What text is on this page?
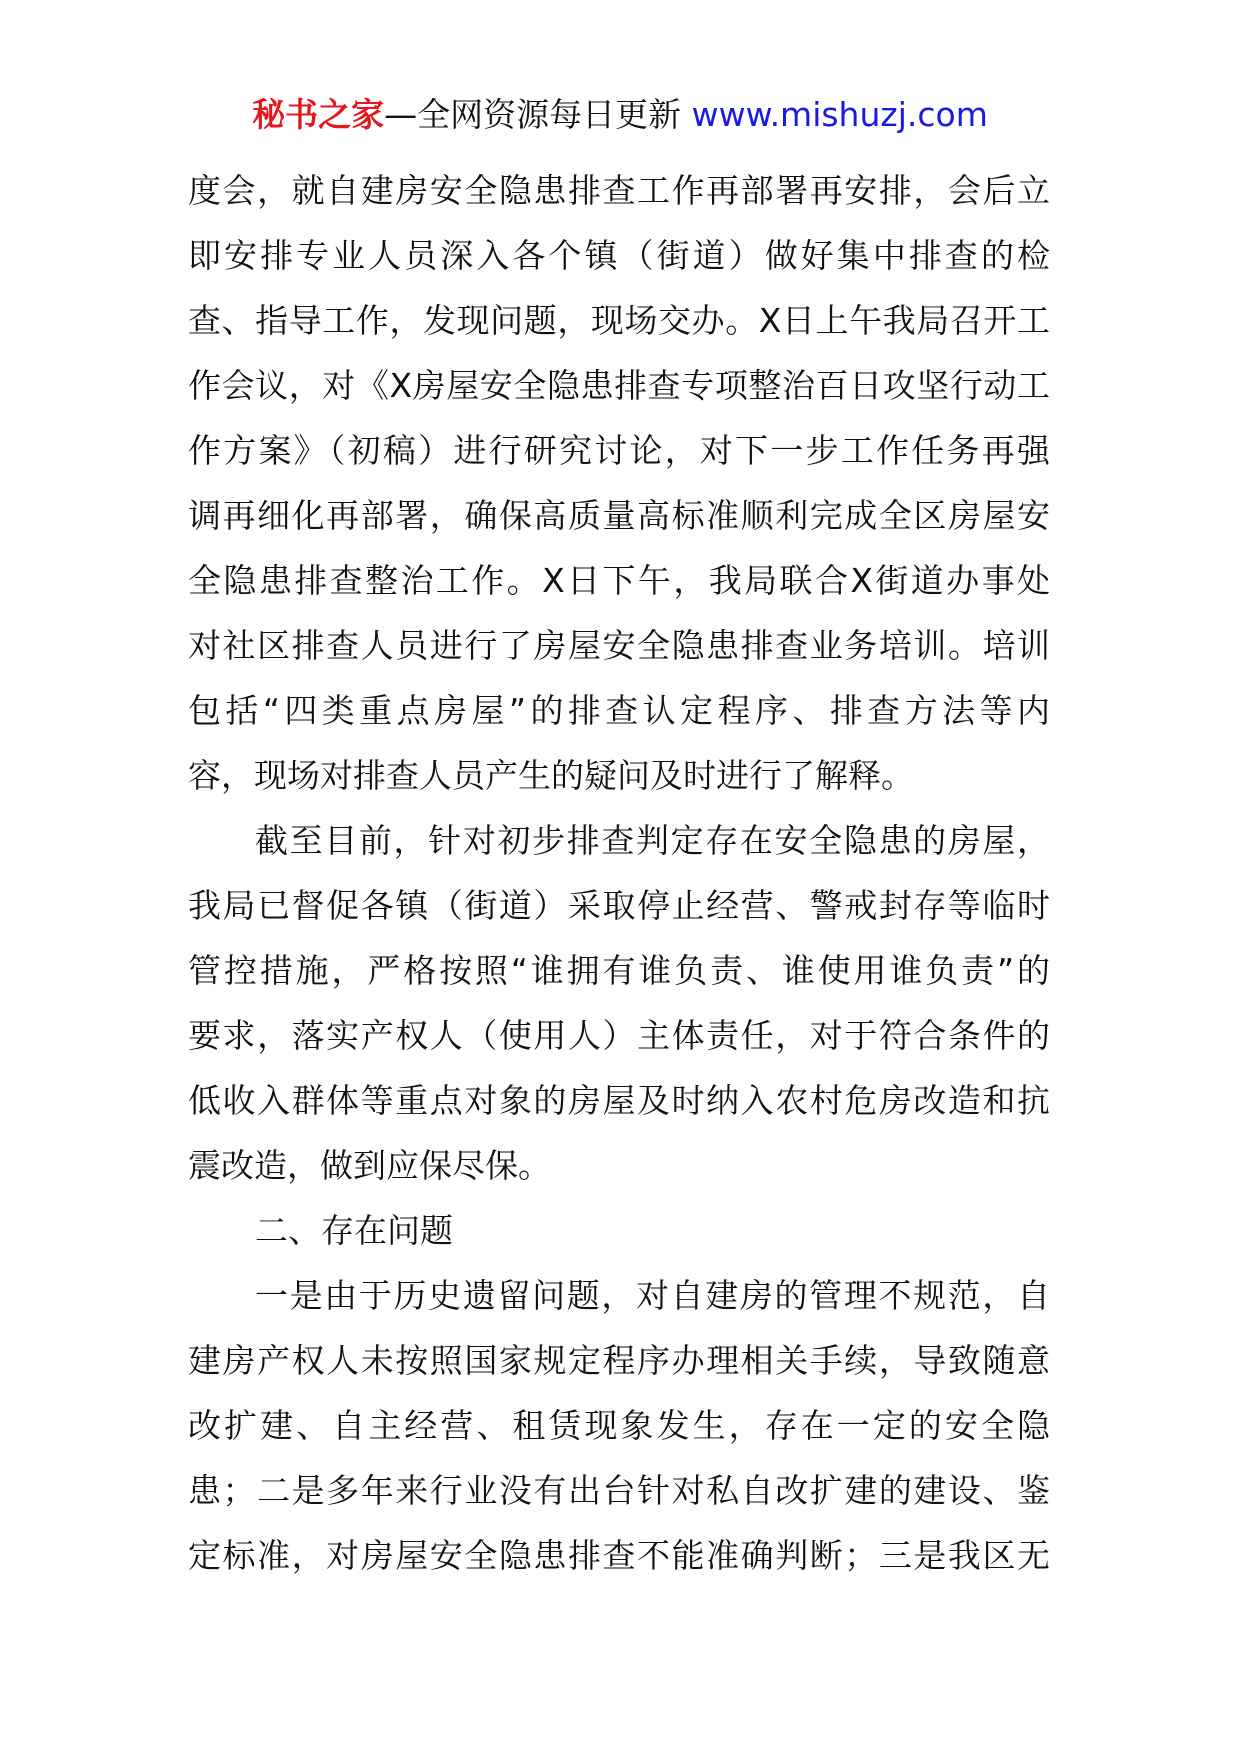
秘书之家—全网资源每日更新 www.mishuzj.com
度会，就自建房安全隐患排查工作再部署再安排，会后立
即安排专业人员深入各个镇（街道）做好集中排查的检
查、指导工作，发现问题，现场交办。X日上午我局召开工
作会议，对《X房屋安全隐患排查专项整治百日攻坚行动工
作方案》（初稿）进行研究讨论，对下一步工作任务再强
调再细化再部署，确保高质量高标准顺利完成全区房屋安
全隐患排查整治工作。X日下午，我局联合X街道办事处
对社区排查人员进行了房屋安全隐患排查业务培训。培训
包括“四类重点房屋”的排查认定程序、排查方法等内
容，现场对排查人员产生的疑问及时进行了解释。
截至目前，针对初步排查判定存在安全隐患的房屋，
我局已督促各镇（街道）采取停止经营、警戒封存等临时
管控措施，严格按照“谁拥有谁负责、谁使用谁负责”的
要求，落实产权人（使用人）主体责任，对于符合条件的
低收入群体等重点对象的房屋及时纳入农村危房改造和抗
震改造，做到应保尽保。
二、存在问题
一是由于历史遗留问题，对自建房的管理不规范，自
建房产权人未按照国家规定程序办理相关手续，导致随意
改扩建、自主经营、租赁现象发生，存在一定的安全隐
患；二是多年来行业没有出台针对私自改扩建的建设、鉴
定标准，对房屋安全隐患排查不能准确判断；三是我区无
